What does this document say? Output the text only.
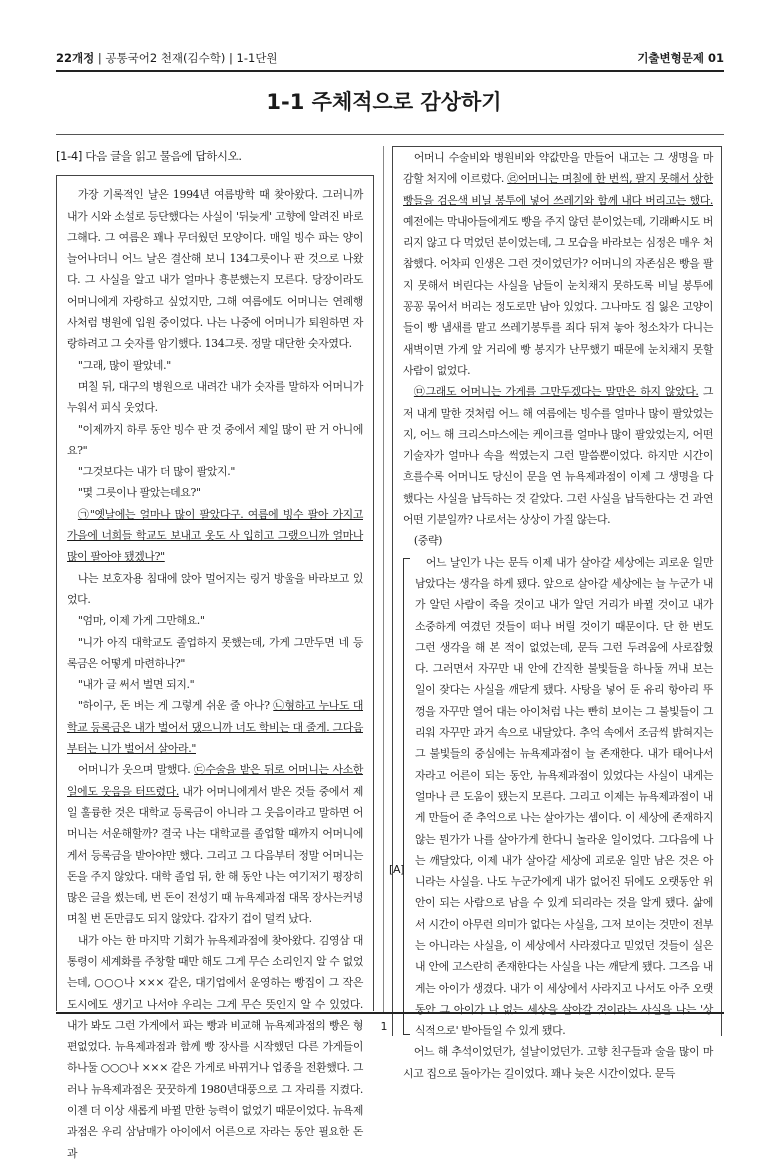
22개정 | 공통국어2 천재(김수학) | 1-1단원	기출변형문제 01
1-1 주체적으로 감상하기

[1-4] 다음 글을 읽고 물음에 답하시오.

가장 기록적인 날은 1994년 여름방학 때 찾아왔다. 그러니까 내가 시와 소설로 등단했다는 사실이 '뒤늦게' 고향에 알려진 바로 그해다. 그 여름은 꽤나 무더웠던 모양이다. 매일 빙수 파는 양이 늘어나더니 어느 날은 결산해 보니 134그릇이나 판 것으로 나왔다. 그 사실을 알고 내가 얼마나 흥분했는지 모른다. 당장이라도 어머니에게 자랑하고 싶었지만, 그해 여름에도 어머니는 연례행사처럼 병원에 입원 중이었다. 나는 나중에 어머니가 퇴원하면 자랑하려고 그 숫자를 암기했다. 134그릇. 정말 대단한 숫자였다.

"그래, 많이 팔았네."

며칠 뒤, 대구의 병원으로 내려간 내가 숫자를 말하자 어머니가 누워서 피식 웃었다.

"이제까지 하루 동안 빙수 판 것 중에서 제일 많이 판 거 아니에요?"

"그것보다는 내가 더 많이 팔았지."

"몇 그릇이나 팔았는데요?"

㉠"옛날에는 얼마나 많이 팔았다구. 여름에 빙수 팔아 가지고 가을에 너희들 학교도 보내고 옷도 사 입히고 그랬으니까 얼마나 많이 팔아야 됐겠나?"

나는 보호자용 침대에 앉아 멀어지는 링거 방울을 바라보고 있었다.

"엄마, 이제 가게 그만해요."

"니가 아직 대학교도 졸업하지 못했는데, 가게 그만두면 네 등록금은 어떻게 마련하나?"

"내가 글 써서 벌면 되지."

"하이구, 돈 버는 게 그렇게 쉬운 줄 아나? ㉡형하고 누나도 대학교 등록금은 내가 벌어서 댔으니까 너도 학비는 대 줄게. 그다음부터는 니가 벌어서 살아라."

어머니가 웃으며 말했다. ㉢수술을 받은 뒤로 어머니는 사소한 일에도 웃음을 터뜨렸다. 내가 어머니에게서 받은 것들 중에서 제일 훌륭한 것은 대학교 등록금이 아니라 그 웃음이라고 말하면 어머니는 서운해할까? 결국 나는 대학교를 졸업할 때까지 어머니에게서 등록금을 받아야만 했다. 그리고 그 다음부터 정말 어머니는 돈을 주지 않았다. 대학 졸업 뒤, 한 해 동안 나는 여기저기 평장히 많은 글을 썼는데, 번 돈이 전성기 때 뉴욕제과점 대목 장사는커녕 며칠 번 돈만큼도 되지 않았다. 갑자기 겁이 덜컥 났다.

내가 아는 한 마지막 기회가 뉴욕제과점에 찾아왔다. 김영삼 대통령이 세계화를 주창할 때만 해도 그게 무슨 소리인지 알 수 없었는데, ○○○나 ××× 같은, 대기업에서 운영하는 빵집이 그 작은 도시에도 생기고 나서야 우리는 그게 무슨 뜻인지 알 수 있었다. 내가 봐도 그런 가게에서 파는 빵과 비교해 뉴욕제과점의 빵은 형편없었다. 뉴욕제과점과 함께 빵 장사를 시작했던 다른 가게들이 하나둘 ○○○나 ××× 같은 가게로 바뀌거나 업종을 전환했다. 그러나 뉴욕제과점은 꿋꿋하게 1980년대풍으로 그 자리를 지켰다. 이젠 더 이상 새롭게 바뀔 만한 능력이 없었기 때문이었다. 뉴욕제과점은 우리 삼남매가 아이에서 어른으로 자라는 동안 필요한 돈과

어머니 수술비와 병원비와 약값만을 만들어 내고는 그 생명을 마감할 처지에 이르렀다. ㉣어머니는 며칠에 한 번씩, 팔지 못해서 상한 빵들을 검은색 비닐 봉투에 넣어 쓰레기와 함께 내다 버리고는 했다. 예전에는 막내아들에게도 빵을 주지 않던 분이었는데, 기래빠시도 버리지 않고 다 먹었던 분이었는데, 그 모습을 바라보는 심정은 매우 처참했다. 어차피 인생은 그런 것이었던가? 어머니의 자존심은 빵을 팔지 못해서 버린다는 사실을 남들이 눈치채지 못하도록 비닐 봉투에 꽁꽁 묶어서 버리는 정도로만 남아 있었다. 그나마도 집 잃은 고양이들이 빵 냄새를 맡고 쓰레기봉투를 죄다 뒤져 놓아 청소차가 다니는 새벽이면 가게 앞 거리에 빵 봉지가 난무했기 때문에 눈치채지 못할 사람이 없었다.

㉤그래도 어머니는 가게를 그만두겠다는 말만은 하지 않았다. 그저 내게 말한 것처럼 어느 해 여름에는 빙수를 얼마나 많이 팔았었는지, 어느 해 크리스마스에는 케이크를 얼마나 많이 팔았었는지, 어떤 기술자가 얼마나 속을 썩였는지 그런 말씀뿐이었다. 하지만 시간이 흐를수록 어머니도 당신이 문을 연 뉴욕제과점이 이제 그 생명을 다했다는 사실을 납득하는 것 같았다. 그런 사실을 납득한다는 건 과연 어떤 기분일까? 나로서는 상상이 가질 않는다.

(중략)

[A]

어느 날인가 나는 문득 이제 내가 살아갈 세상에는 괴로운 일만 남았다는 생각을 하게 됐다. 앞으로 살아갈 세상에는 늘 누군가 내가 알던 사람이 죽을 것이고 내가 알던 거리가 바뀔 것이고 내가 소중하게 여겼던 것들이 떠나 버릴 것이기 때문이다. 단 한 번도 그런 생각을 해 본 적이 없었는데, 문득 그런 두려움에 사로잡혔다. 그러면서 자꾸만 내 안에 간직한 불빛들을 하나둘 꺼내 보는 일이 잦다는 사실을 깨닫게 됐다. 사탕을 넣어 둔 유리 항아리 뚜껑을 자꾸만 열어 대는 아이처럼 나는 빤히 보이는 그 불빛들이 그리워 자꾸만 과거 속으로 내달았다. 추억 속에서 조금씩 밝혀지는 그 불빛들의 중심에는 뉴욕제과점이 늘 존재한다. 내가 태어나서 자라고 어른이 되는 동안, 뉴욕제과점이 있었다는 사실이 내게는 얼마나 큰 도움이 됐는지 모른다. 그리고 이제는 뉴욕제과점이 내게 만들어 준 추억으로 나는 살아가는 셈이다. 이 세상에 존재하지 않는 뭔가가 나를 살아가게 한다니 놀라운 일이었다. 그다음에 나는 깨달았다, 이제 내가 살아갈 세상에 괴로운 일만 남은 것은 아니라는 사실을. 나도 누군가에게 내가 없어진 뒤에도 오랫동안 위안이 되는 사람으로 남을 수 있게 되리라는 것을 알게 됐다. 삶에서 시간이 아무런 의미가 없다는 사실을, 그저 보이는 것만이 전부는 아니라는 사실을, 이 세상에서 사라졌다고 믿었던 것들이 실은 내 안에 고스란히 존재한다는 사실을 나는 깨닫게 됐다. 그즈음 내게는 아이가 생겼다. 내가 이 세상에서 사라지고 나서도 아주 오랫동안 그 아이가 나 없는 세상을 살아갈 것이라는 사실을 나는 '상식적으로' 받아들일 수 있게 됐다.

어느 해 추석이었던가, 설날이었던가. 고향 친구들과 술을 많이 마시고 집으로 돌아가는 길이었다. 꽤나 늦은 시간이었다. 문득

1
